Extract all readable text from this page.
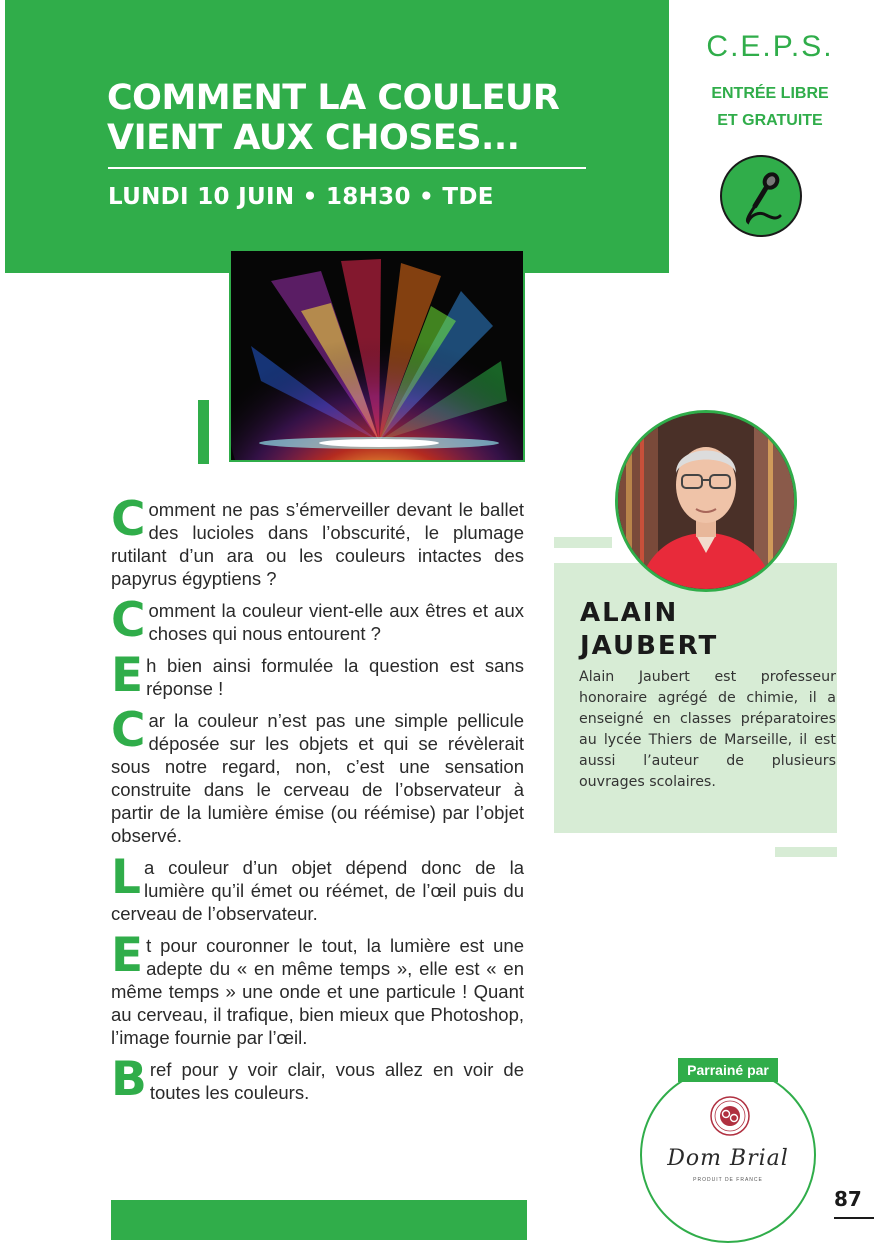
COMMENT LA COULEUR
VIENT AUX CHOSES...
LUNDI 10 JUIN • 18H30 • TDE
C.E.P.S.
ENTRÉE LIBRE
ET GRATUITE

Comment ne pas s’émerveiller devant le ballet des lucioles dans l’obscurité, le plumage rutilant d’un ara ou les couleurs intactes des papyrus égyptiens ?

Comment la couleur vient-elle aux êtres et aux choses qui nous entourent ?

Eh bien ainsi formulée la question est sans réponse !

Car la couleur n’est pas une simple pellicule déposée sur les objets et qui se révèlerait sous notre regard, non, c’est une sensation construite dans le cerveau de l’observateur à partir de la lumière émise (ou réémise) par l’objet observé.

La couleur d’un objet dépend donc de la lumière qu’il émet ou réémet, de l’œil puis du cerveau de l’observateur.

Et pour couronner le tout, la lumière est une adepte du « en même temps », elle est « en même temps » une onde et une particule ! Quant au cerveau, il trafique, bien mieux que Photoshop, l’image fournie par l’œil.

Bref pour y voir clair, vous allez en voir de toutes les couleurs.

ALAIN
JAUBERT
Alain Jaubert est professeur honoraire agrégé de chimie, il a enseigné en classes préparatoires au lycée Thiers de Marseille, il est aussi l’auteur de plusieurs ouvrages scolaires.
Parrainé par
Dom Brial
PRODUIT DE FRANCE
87
